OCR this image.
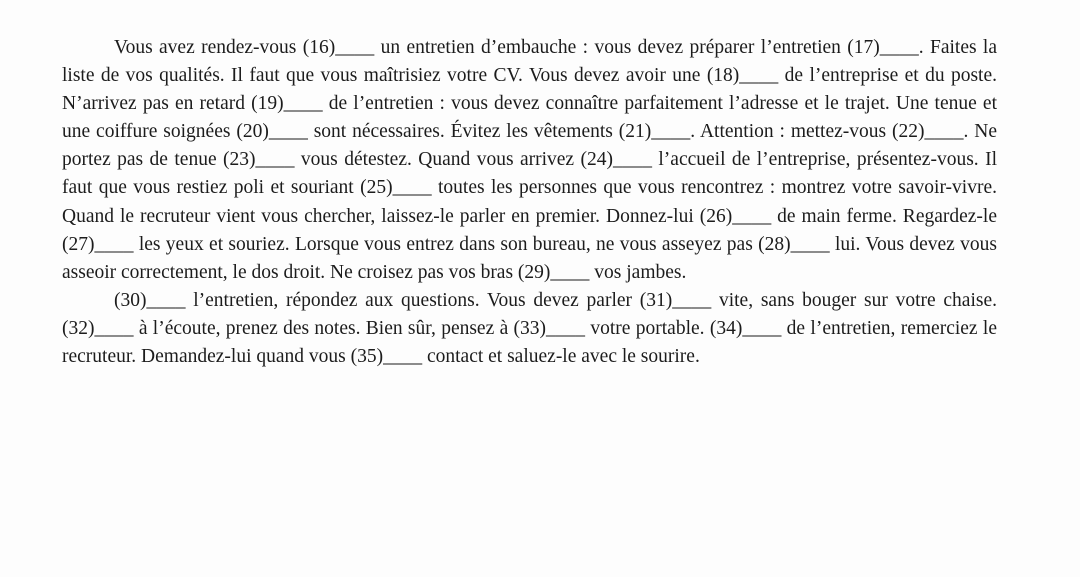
Vous avez rendez-vous (16)____ un entretien d’embauche : vous devez préparer l’entretien (17)____. Faites la liste de vos qualités. Il faut que vous maîtrisiez votre CV. Vous devez avoir une (18)____ de l’entreprise et du poste. N’arrivez pas en retard (19)____ de l’entretien : vous devez connaître parfaitement l’adresse et le trajet. Une tenue et une coiffure soignées (20)____ sont nécessaires. Évitez les vêtements (21)____. Attention : mettez-vous (22)____. Ne portez pas de tenue (23)____ vous détestez. Quand vous arrivez (24)____ l’accueil de l’entreprise, présentez-vous. Il faut que vous restiez poli et souriant (25)____ toutes les personnes que vous rencontrez : montrez votre savoir-vivre. Quand le recruteur vient vous chercher, laissez-le parler en premier. Donnez-lui (26)____ de main ferme. Regardez-le (27)____ les yeux et souriez. Lorsque vous entrez dans son bureau, ne vous asseyez pas (28)____ lui. Vous devez vous asseoir correctement, le dos droit. Ne croisez pas vos bras (29)____ vos jambes.

(30)____ l’entretien, répondez aux questions. Vous devez parler (31)____ vite, sans bouger sur votre chaise. (32)____ à l’écoute, prenez des notes. Bien sûr, pensez à (33)____ votre portable. (34)____ de l’entretien, remerciez le recruteur. Demandez-lui quand vous (35)____ contact et saluez-le avec le sourire.
